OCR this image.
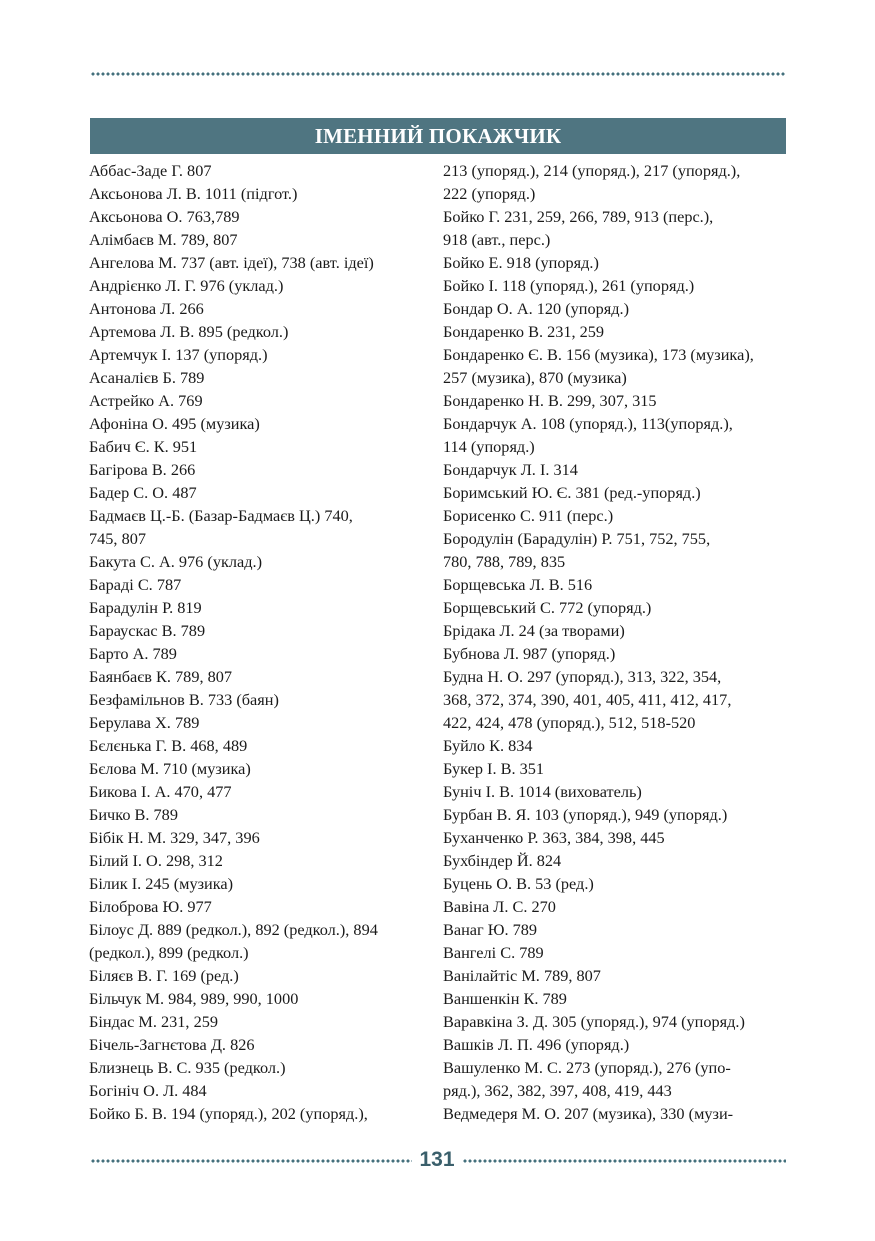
ІМЕННИЙ ПОКАЖЧИК
Аббас-Заде Г. 807
Аксьонова Л. В. 1011 (підгот.)
Аксьонова О. 763,789
Алімбаєв М. 789, 807
Ангелова М. 737 (авт. ідеї), 738 (авт. ідеї)
Андрієнко Л. Г. 976 (уклад.)
Антонова Л. 266
Артемова Л. В. 895 (редкол.)
Артемчук І. 137 (упоряд.)
Асаналієв Б. 789
Астрейко А. 769
Афоніна О. 495 (музика)
Бабич Є. К. 951
Багірова В. 266
Бадер С. О. 487
Бадмаєв Ц.-Б. (Базар-Бадмаєв Ц.) 740,
745, 807
Бакута С. А. 976 (уклад.)
Бараді С. 787
Барадулін Р. 819
Бараускас В. 789
Барто А. 789
Баянбаєв К. 789, 807
Безфамільнов В. 733 (баян)
Берулава Х. 789
Бєлєнька Г. В. 468, 489
Бєлова М. 710 (музика)
Бикова І. А. 470, 477
Бичко В. 789
Бібік Н. М. 329, 347, 396
Білий І. О. 298, 312
Білик І. 245 (музика)
Білоброва Ю. 977
Білоус Д. 889 (редкол.), 892 (редкол.), 894
(редкол.), 899 (редкол.)
Біляєв В. Г. 169 (ред.)
Більчук М. 984, 989, 990, 1000
Біндас М. 231, 259
Бічель-Загнєтова Д. 826
Близнець В. С. 935 (редкол.)
Богініч О. Л. 484
Бойко Б. В. 194 (упоряд.), 202 (упоряд.),
213 (упоряд.), 214 (упоряд.), 217 (упоряд.),
222 (упоряд.)
Бойко Г. 231, 259, 266, 789, 913 (перс.),
918 (авт., перс.)
Бойко Е. 918 (упоряд.)
Бойко І. 118 (упоряд.), 261 (упоряд.)
Бондар О. А. 120 (упоряд.)
Бондаренко В. 231, 259
Бондаренко Є. В. 156 (музика), 173 (музика),
257 (музика), 870 (музика)
Бондаренко Н. В. 299, 307, 315
Бондарчук А. 108 (упоряд.), 113(упоряд.),
114 (упоряд.)
Бондарчук Л. І. 314
Боримський Ю. Є. 381 (ред.-упоряд.)
Борисенко С. 911 (перс.)
Бородулін (Барадулін) Р. 751, 752, 755,
780, 788, 789, 835
Борщевська Л. В. 516
Борщевський С. 772 (упоряд.)
Брідака Л. 24 (за творами)
Бубнова Л. 987 (упоряд.)
Будна Н. О. 297 (упоряд.), 313, 322, 354,
368, 372, 374, 390, 401, 405, 411, 412, 417,
422, 424, 478 (упоряд.), 512, 518-520
Буйло К. 834
Букер І. В. 351
Буніч І. В. 1014 (вихователь)
Бурбан В. Я. 103 (упоряд.), 949 (упоряд.)
Буханченко Р. 363, 384, 398, 445
Бухбіндер Й. 824
Буцень О. В. 53 (ред.)
Вавіна Л. С. 270
Ванаг Ю. 789
Вангелі С. 789
Ванілайтіс М. 789, 807
Ваншенкін К. 789
Варавкіна З. Д. 305 (упоряд.), 974 (упоряд.)
Вашків Л. П. 496 (упоряд.)
Вашуленко М. С. 273 (упоряд.), 276 (упо-
ряд.), 362, 382, 397, 408, 419, 443
Ведмедеря М. О. 207 (музика), 330 (музи-
131
